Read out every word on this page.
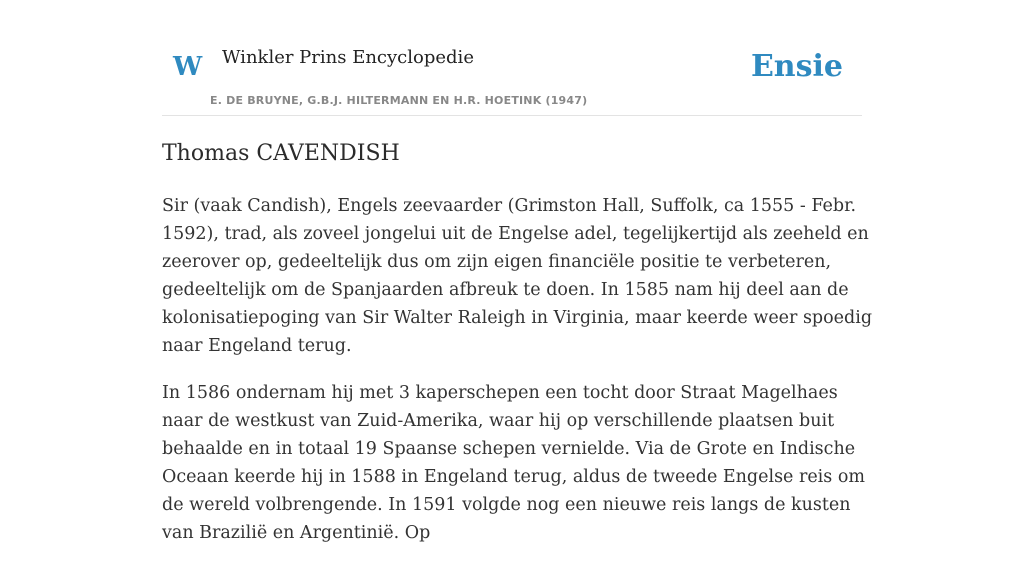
W Winkler Prins Encyclopedie
E. DE BRUYNE, G.B.J. HILTERMANN EN H.R. HOETINK (1947)
Ensie
Thomas CAVENDISH

Sir (vaak Candish), Engels zeevaarder (Grimston Hall, Suffolk, ca 1555 - Febr. 1592), trad, als zoveel jongelui uit de Engelse adel, tegelijkertijd als zeeheld en zeerover op, gedeeltelijk dus om zijn eigen financiële positie te verbeteren, gedeeltelijk om de Spanjaarden afbreuk te doen. In 1585 nam hij deel aan de kolonisatiepoging van Sir Walter Raleigh in Virginia, maar keerde weer spoedig naar Engeland terug.

In 1586 ondernam hij met 3 kaperschepen een tocht door Straat Magelhaes naar de westkust van Zuid-Amerika, waar hij op verschillende plaatsen buit behaalde en in totaal 19 Spaanse schepen vernielde. Via de Grote en Indische Oceaan keerde hij in 1588 in Engeland terug, aldus de tweede Engelse reis om de wereld volbrengende. In 1591 volgde nog een nieuwe reis langs de kusten van Brazilië en Argentinië. Op
